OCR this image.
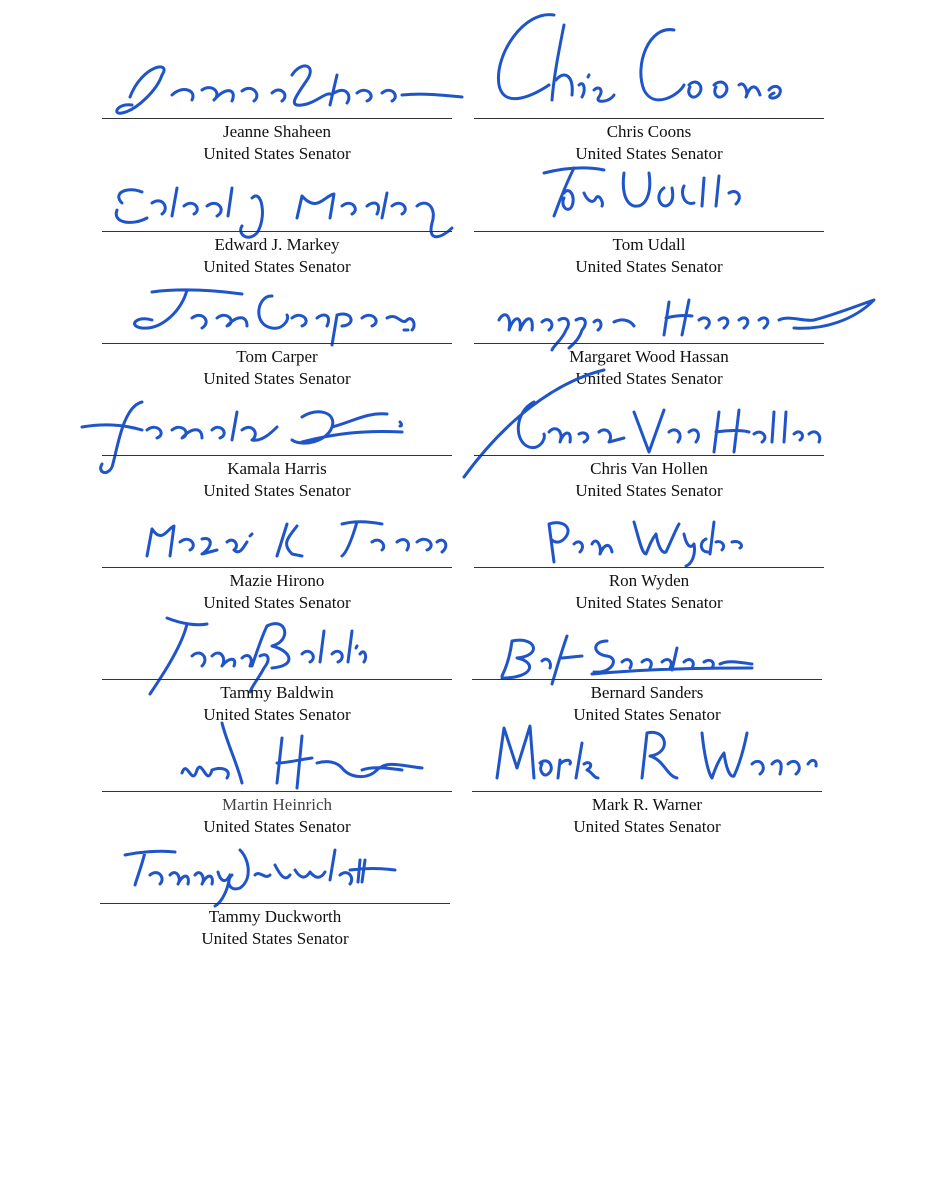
Jeanne Shaheen
United States Senator
Edward J. Markey
United States Senator
Tom Carper
United States Senator
Kamala Harris
United States Senator
Mazie Hirono
United States Senator
Tammy Baldwin
United States Senator
Martin Heinrich
United States Senator
Tammy Duckworth
United States Senator
Chris Coons
United States Senator
Tom Udall
United States Senator
Margaret Wood Hassan
United States Senator
Chris Van Hollen
United States Senator
Ron Wyden
United States Senator
Bernard Sanders
United States Senator
Mark R. Warner
United States Senator
